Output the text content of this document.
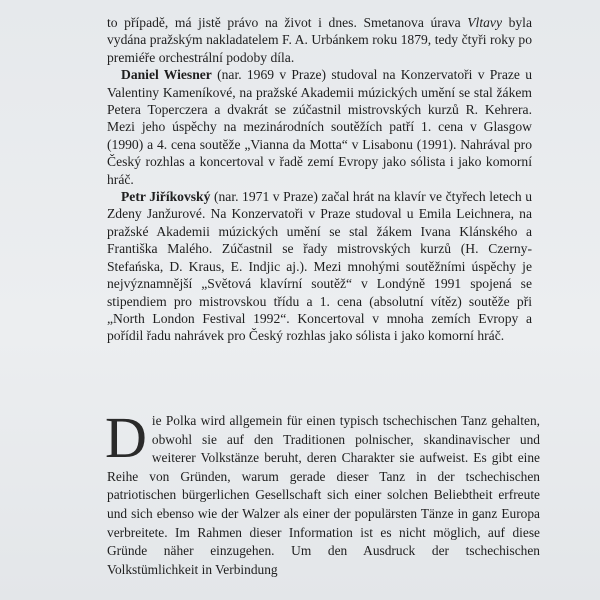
to případě, má jistě právo na život i dnes. Smetanova úrava Vltavy byla vydána pražským nakladatelem F. A. Urbánkem roku 1879, tedy čtyři roky po premiéře orchestrální podoby díla.

Daniel Wiesner (nar. 1969 v Praze) studoval na Konzervatoři v Praze u Valentiny Kameníkové, na pražské Akademii múzických umění se stal žákem Petera Toperczera a dvakrát se zúčastnil mistrovských kurzů R. Kehrera. Mezi jeho úspěchy na mezinárodních soutěžích patří 1. cena v Glasgow (1990) a 4. cena soutěže „Vianna da Motta“ v Lisabonu (1991). Nahrával pro Český rozhlas a koncertoval v řadě zemí Evropy jako sólista i jako komorní hráč.

Petr Jiříkovský (nar. 1971 v Praze) začal hrát na klavír ve čtyřech letech u Zdeny Janžurové. Na Konzervatoři v Praze studoval u Emila Leichnera, na pražské Akademii múzických umění se stal žákem Ivana Klánského a Františka Malého. Zúčastnil se řady mistrovských kurzů (H. Czerny-Stefańska, D. Kraus, E. Indjic aj.). Mezi mnohými soutěžními úspěchy je nejvýznamnější „Světová klavírní soutěž“ v Londýně 1991 spojená se stipendiem pro mistrovskou třídu a 1. cena (absolutní vítěz) soutěže při „North London Festival 1992“. Koncertoval v mnoha zemích Evropy a pořídil řadu nahrávek pro Český rozhlas jako sólista i jako komorní hráč.

Die Polka wird allgemein für einen typisch tschechischen Tanz gehalten, obwohl sie auf den Traditionen polnischer, skandinavischer und weiterer Volkstänze beruht, deren Charakter sie aufweist. Es gibt eine Reihe von Gründen, warum gerade dieser Tanz in der tschechischen patriotischen bürgerlichen Gesellschaft sich einer solchen Beliebtheit erfreute und sich ebenso wie der Walzer als einer der populärsten Tänze in ganz Europa verbreitete. Im Rahmen dieser Information ist es nicht möglich, auf diese Gründe näher einzugehen. Um den Ausdruck der tschechischen Volkstümlichkeit in Verbindung
